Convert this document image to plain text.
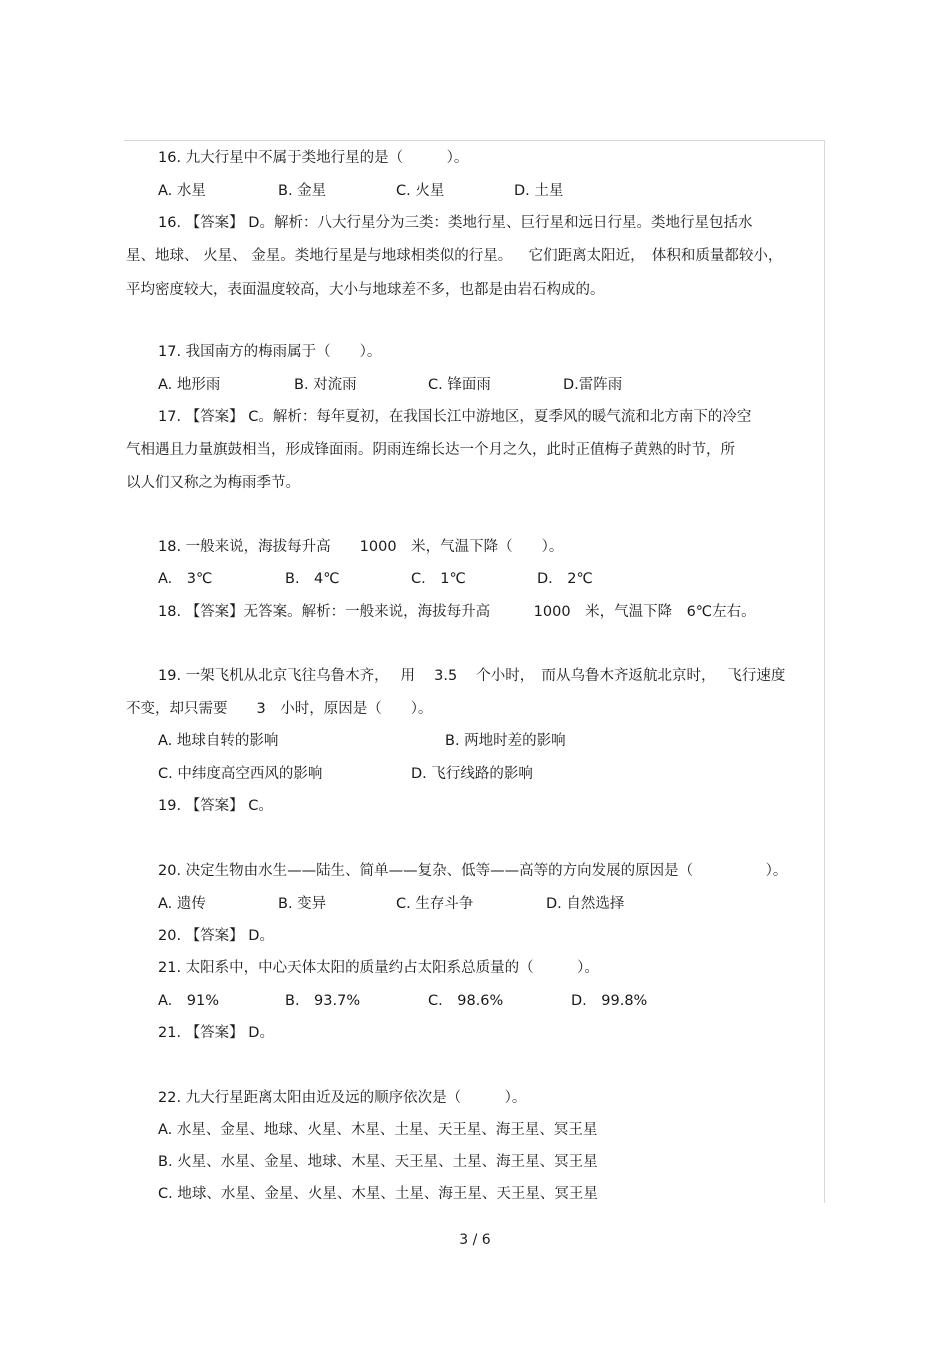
16. 九大行星中不属于类地行星的是（　　　）。
A. 水星	B. 金星	C. 火星	D. 土星
16. 【答案】 D。解析：八大行星分为三类：类地行星、巨行星和远日行星。类地行星包括水
星、地球、 火星、 金星。类地行星是与地球相类似的行星。　  它们距离太阳近，　体积和质量都较小，
平均密度较大，表面温度较高，大小与地球差不多，也都是由岩石构成的。
17. 我国南方的梅雨属于（　　）。
A. 地形雨	B. 对流雨	C. 锋面雨	D.雷阵雨
17. 【答案】 C。解析：每年夏初，在我国长江中游地区，夏季风的暖气流和北方南下的冷空
气相遇且力量旗鼓相当，形成锋面雨。阴雨连绵长达一个月之久，此时正值梅子黄熟的时节，所
以人们又称之为梅雨季节。
18. 一般来说，海拔每升高　　1000　米，气温下降（　　）。
A.　3℃	B.　4℃	C.　1℃	D.　2℃
18. 【答案】无答案。解析：一般来说，海拔每升高　　　1000　米，气温下降　6℃左右。
19. 一架飞机从北京飞往乌鲁木齐，　 用　 3.5　 个小时，　而从乌鲁木齐返航北京时，　 飞行速度
不变，却只需要　　3　小时，原因是（　　）。
A. 地球自转的影响	B. 两地时差的影响
C. 中纬度高空西风的影响	D. 飞行线路的影响
19. 【答案】 C。
20. 决定生物由水生——陆生、简单——复杂、低等——高等的方向发展的原因是（　　　　　）。
A. 遗传	B. 变异	C. 生存斗争	D. 自然选择
20. 【答案】 D。
21. 太阳系中，中心天体太阳的质量约占太阳系总质量的（　　　）。
A.　91%	B.　93.7%	C.　98.6%	D.　99.8%
21. 【答案】 D。
22. 九大行星距离太阳由近及远的顺序依次是（　　　）。
A. 水星、金星、地球、火星、木星、土星、天王星、海王星、冥王星
B. 火星、水星、金星、地球、木星、天王星、土星、海王星、冥王星
C. 地球、水星、金星、火星、木星、土星、海王星、天王星、冥王星
3 / 6
